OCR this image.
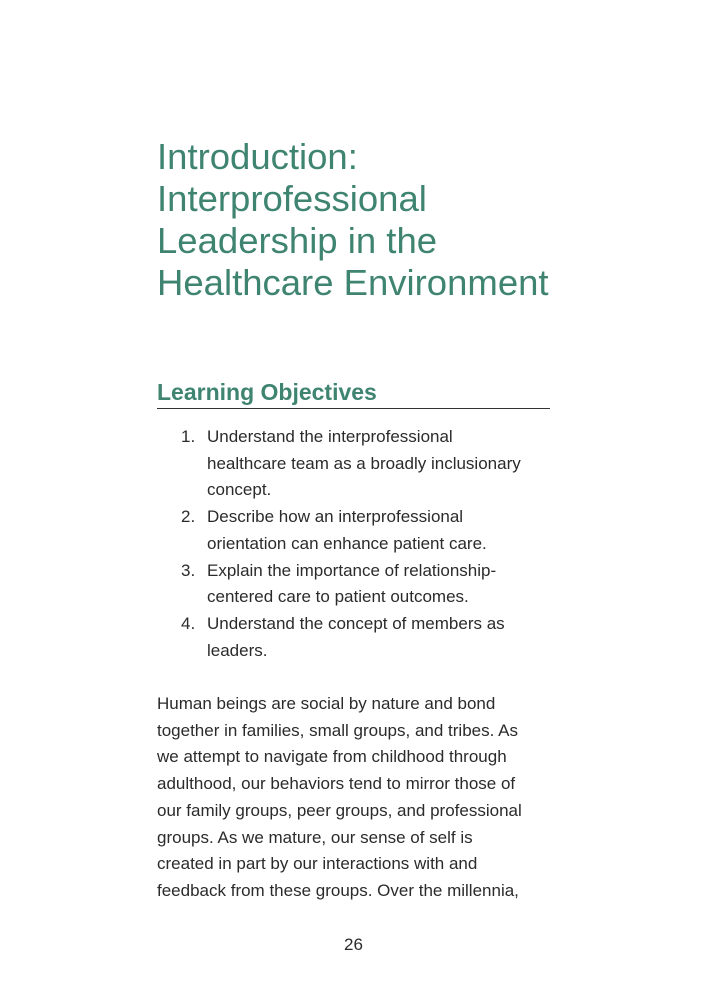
Introduction:
Interprofessional
Leadership in the
Healthcare Environment
Learning Objectives
1. Understand the interprofessional
healthcare team as a broadly inclusionary
concept.
2. Describe how an interprofessional
orientation can enhance patient care.
3. Explain the importance of relationship-
centered care to patient outcomes.
4. Understand the concept of members as
leaders.

Human beings are social by nature and bond
together in families, small groups, and tribes. As
we attempt to navigate from childhood through
adulthood, our behaviors tend to mirror those of
our family groups, peer groups, and professional
groups. As we mature, our sense of self is
created in part by our interactions with and
feedback from these groups. Over the millennia,

26
